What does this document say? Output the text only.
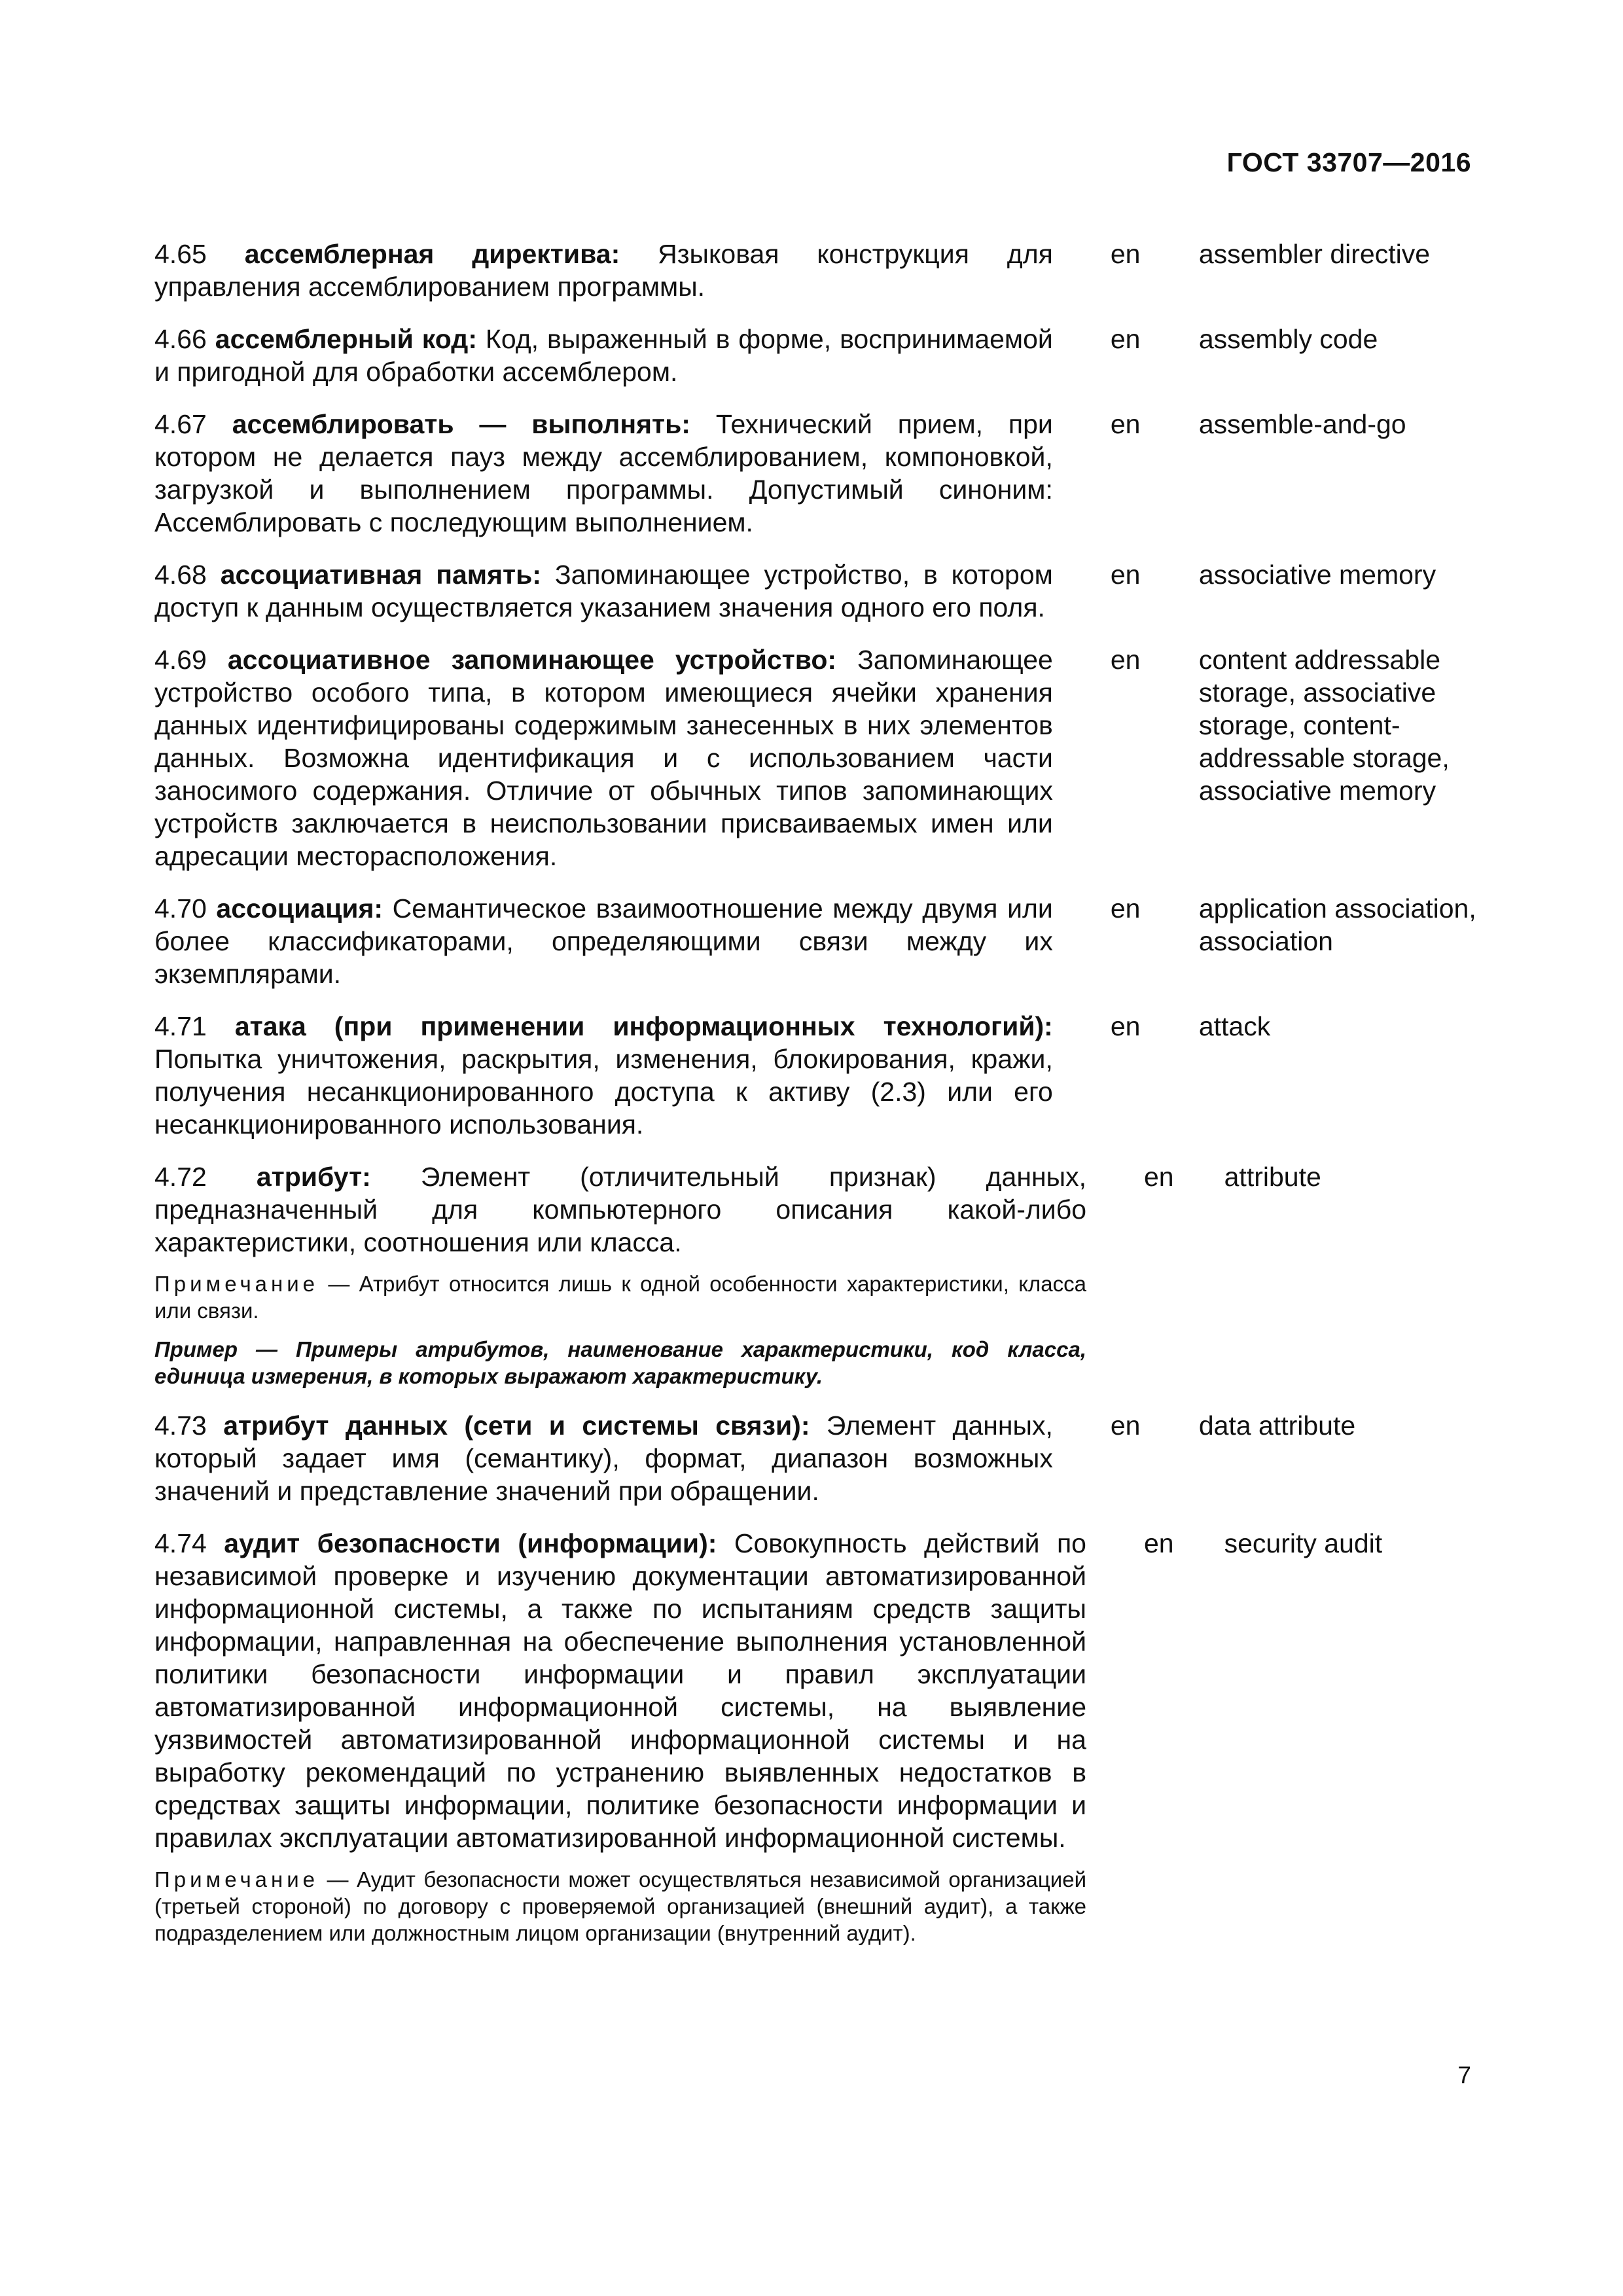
ГОСТ 33707—2016
4.65 ассемблерная директива: Языковая конструкция для управления ассемблированием программы.
en	assembler directive
4.66 ассемблерный код: Код, выраженный в форме, воспринимаемой и пригодной для обработки ассемблером.
en	assembly code
4.67 ассемблировать — выполнять: Технический прием, при котором не делается пауз между ассемблированием, компоновкой, загрузкой и выполнением программы. Допустимый синоним: Ассемблировать с последующим выполнением.
en	assemble-and-go
4.68 ассоциативная память: Запоминающее устройство, в котором доступ к данным осуществляется указанием значения одного его поля.
en	associative memory
4.69 ассоциативное запоминающее устройство: Запоминающее устройство особого типа, в котором имеющиеся ячейки хранения данных идентифицированы содержимым занесенных в них элементов данных. Возможна идентификация и с использованием части заносимого содержания. Отличие от обычных типов запоминающих устройств заключается в неиспользовании присваиваемых имен или адресации месторасположения.
en	content addressable storage, associative storage, content-addressable storage, associative memory
4.70 ассоциация: Семантическое взаимоотношение между двумя или более классификаторами, определяющими связи между их экземплярами.
en	application association, association
4.71 атака (при применении информационных технологий): Попытка уничтожения, раскрытия, изменения, блокирования, кражи, получения несанкционированного доступа к активу (2.3) или его несанкционированного использования.
en	attack
4.72 атрибут: Элемент (отличительный признак) данных, предназначенный для компьютерного описания какой-либо характеристики, соотношения или класса.
Примечание — Атрибут относится лишь к одной особенности характеристики, класса или связи.
Пример — Примеры атрибутов, наименование характеристики, код класса, единица измерения, в которых выражают характеристику.
en	attribute
4.73 атрибут данных (сети и системы связи): Элемент данных, который задает имя (семантику), формат, диапазон возможных значений и представление значений при обращении.
en	data attribute
4.74 аудит безопасности (информации): Совокупность действий по независимой проверке и изучению документации автоматизированной информационной системы, а также по испытаниям средств защиты информации, направленная на обеспечение выполнения установленной политики безопасности информации и правил эксплуатации автоматизированной информационной системы, на выявление уязвимостей автоматизированной информационной системы и на выработку рекомендаций по устранению выявленных недостатков в средствах защиты информации, политике безопасности информации и правилах эксплуатации автоматизированной информационной системы.
Примечание — Аудит безопасности может осуществляться независимой организацией (третьей стороной) по договору с проверяемой организацией (внешний аудит), а также подразделением или должностным лицом организации (внутренний аудит).
en	security audit
7
